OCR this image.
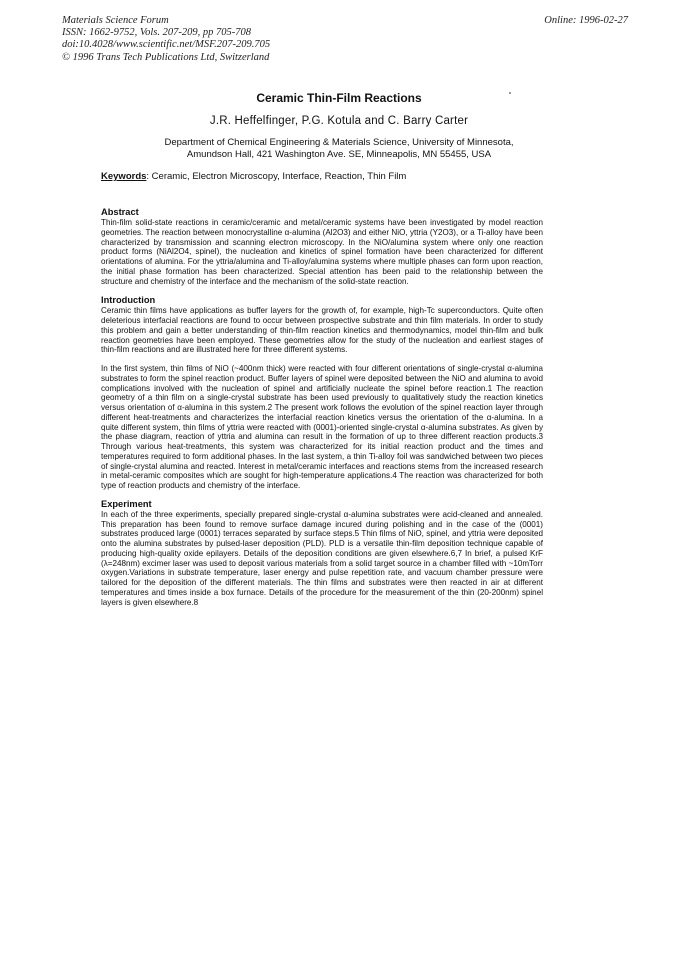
Materials Science Forum
ISSN: 1662-9752, Vols. 207-209, pp 705-708
doi:10.4028/www.scientific.net/MSF.207-209.705
© 1996 Trans Tech Publications Ltd, Switzerland
Online: 1996-02-27
Ceramic Thin-Film Reactions
J.R. Heffelfinger, P.G. Kotula and C. Barry Carter
Department of Chemical Engineering & Materials Science, University of Minnesota,
Amundson Hall, 421 Washington Ave. SE, Minneapolis, MN 55455, USA
Keywords: Ceramic, Electron Microscopy, Interface, Reaction, Thin Film
Abstract

Thin-film solid-state reactions in ceramic/ceramic and metal/ceramic systems have been investigated by model reaction geometries. The reaction between monocrystalline α-alumina (Al2O3) and either NiO, yttria (Y2O3), or a Ti-alloy have been characterized by transmission and scanning electron microscopy. In the NiO/alumina system where only one reaction product forms (NiAl2O4, spinel), the nucleation and kinetics of spinel formation have been characterized for different orientations of alumina. For the yttria/alumina and Ti-alloy/alumina systems where multiple phases can form upon reaction, the initial phase formation has been characterized. Special attention has been paid to the relationship between the structure and chemistry of the interface and the mechanism of the solid-state reaction.

Introduction

Ceramic thin films have applications as buffer layers for the growth of, for example, high-Tc superconductors. Quite often deleterious interfacial reactions are found to occur between prospective substrate and thin film materials. In order to study this problem and gain a better understanding of thin-film reaction kinetics and thermodynamics, model thin-film and bulk reaction geometries have been employed. These geometries allow for the study of the nucleation and earliest stages of thin-film reactions and are illustrated here for three different systems.

In the first system, thin films of NiO (~400nm thick) were reacted with four different orientations of single-crystal α-alumina substrates to form the spinel reaction product. Buffer layers of spinel were deposited between the NiO and alumina to avoid complications involved with the nucleation of spinel and artificially nucleate the spinel before reaction.1 The reaction geometry of a thin film on a single-crystal substrate has been used previously to qualitatively study the reaction kinetics versus orientation of α-alumina in this system.2 The present work follows the evolution of the spinel reaction layer through different heat-treatments and characterizes the interfacial reaction kinetics versus the orientation of the α-alumina. In a quite different system, thin films of yttria were reacted with (0001)-oriented single-crystal α-alumina substrates. As given by the phase diagram, reaction of yttria and alumina can result in the formation of up to three different reaction products.3 Through various heat-treatments, this system was characterized for its initial reaction product and the times and temperatures required to form additional phases. In the last system, a thin Ti-alloy foil was sandwiched between two pieces of single-crystal alumina and reacted. Interest in metal/ceramic interfaces and reactions stems from the increased research in metal-ceramic composites which are sought for high-temperature applications.4 The reaction was characterized for both type of reaction products and chemistry of the interface.

Experiment

In each of the three experiments, specially prepared single-crystal α-alumina substrates were acid-cleaned and annealed. This preparation has been found to remove surface damage incured during polishing and in the case of the (0001) substrates produced large (0001) terraces separated by surface steps.5 Thin films of NiO, spinel, and yttria were deposited onto the alumina substrates by pulsed-laser deposition (PLD). PLD is a versatile thin-film deposition technique capable of producing high-quality oxide epilayers. Details of the deposition conditions are given elsewhere.6,7 In brief, a pulsed KrF (λ=248nm) excimer laser was used to deposit various materials from a solid target source in a chamber filled with ~10mTorr oxygen.Variations in substrate temperature, laser energy and pulse repetition rate, and vacuum chamber pressure were tailored for the deposition of the different materials. The thin films and substrates were then reacted in air at different temperatures and times inside a box furnace. Details of the procedure for the measurement of the thin (20-200nm) spinel layers is given elsewhere.8
